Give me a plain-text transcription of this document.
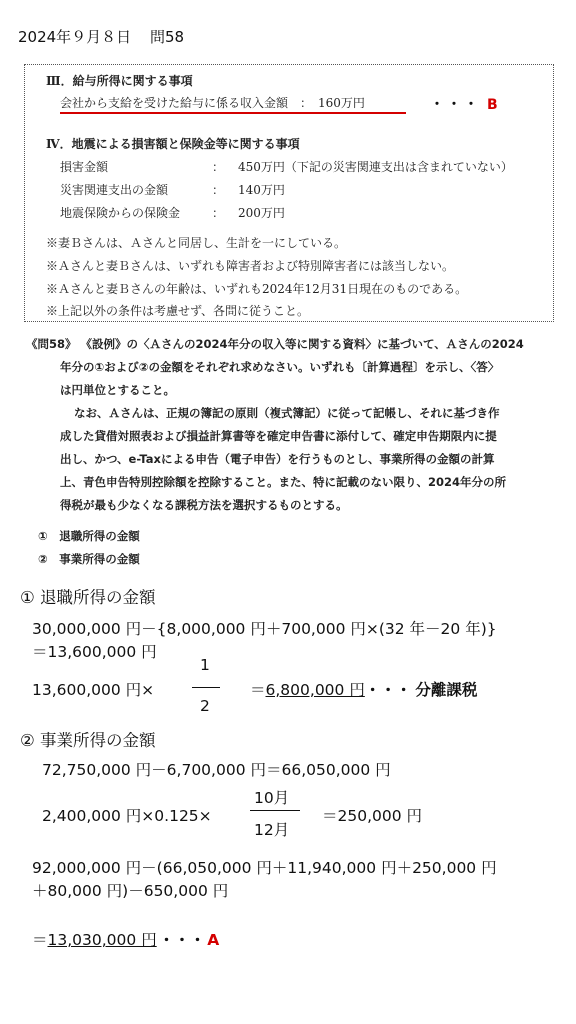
2024年９月８日 問58
Ⅲ．給与所得に関する事項
会社から支給を受けた給与に係る収入金額　：　160万円	・・・ B
Ⅳ．地震による損害額と保険金等に関する事項
損害金額	： 450万円（下記の災害関連支出は含まれていない）
災害関連支出の金額	： 140万円
地震保険からの保険金	： 200万円
※妻Ｂさんは、Ａさんと同居し、生計を一にしている。
※Ａさんと妻Ｂさんは、いずれも障害者および特別障害者には該当しない。
※Ａさんと妻Ｂさんの年齢は、いずれも2024年12月31日現在のものである。
※上記以外の条件は考慮せず、各問に従うこと。
《問58》 《設例》の〈Ａさんの2024年分の収入等に関する資料〉に基づいて、Ａさんの2024
年分の①および②の金額をそれぞれ求めなさい。いずれも〔計算過程〕を示し、〈答〉
は円単位とすること。
なお、Ａさんは、正規の簿記の原則（複式簿記）に従って記帳し、それに基づき作
成した貸借対照表および損益計算書等を確定申告書に添付して、確定申告期限内に提
出し、かつ、e-Taxによる申告（電子申告）を行うものとし、事業所得の金額の計算
上、青色申告特別控除額を控除すること。また、特に記載のない限り、2024年分の所
得税が最も少なくなる課税方法を選択するものとする。
①　退職所得の金額
②　事業所得の金額
① 退職所得の金額
30,000,000 円－{8,000,000 円＋700,000 円×(32 年－20 年)}
＝13,600,000 円
13,600,000 円×
1
2
＝6,800,000 円・・・ 分離課税
② 事業所得の金額
72,750,000 円－6,700,000 円＝66,050,000 円
2,400,000 円×0.125×
10月
12月
＝250,000 円
92,000,000 円－(66,050,000 円＋11,940,000 円＋250,000 円
＋80,000 円)－650,000 円
＝13,030,000 円 ・・・ A
